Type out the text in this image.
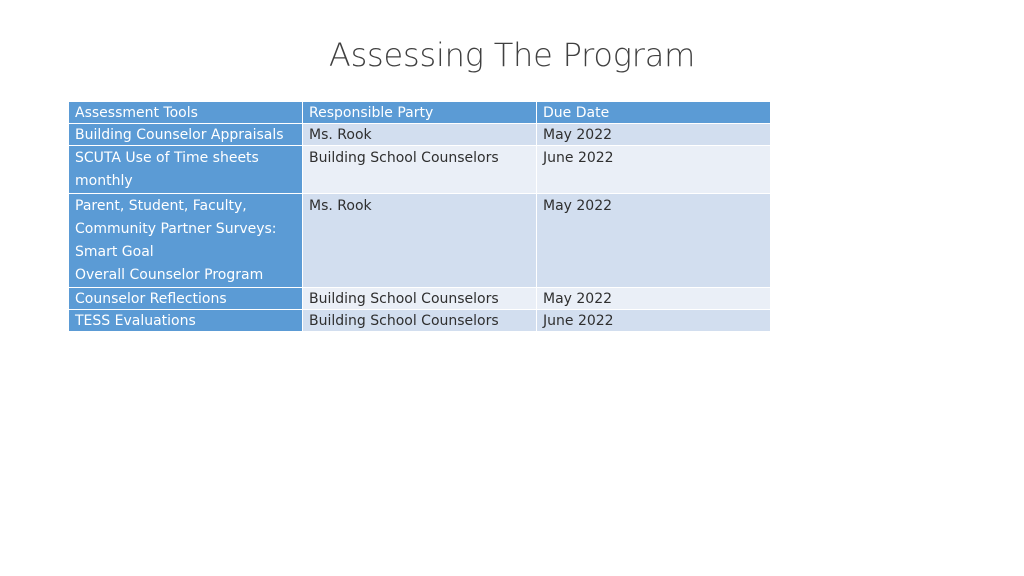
Assessing The Program
Assessment Tools	Responsible Party	Due Date

Building Counselor Appraisals	Ms. Rook	May 2022

SCUTA Use of Time sheets
monthly	Building School Counselors	June 2022

Parent, Student, Faculty,
Community Partner Surveys:
Smart Goal
Overall Counselor Program	Ms. Rook	May 2022

Counselor Reflections	Building School Counselors	May 2022

TESS Evaluations	Building School Counselors	June 2022
